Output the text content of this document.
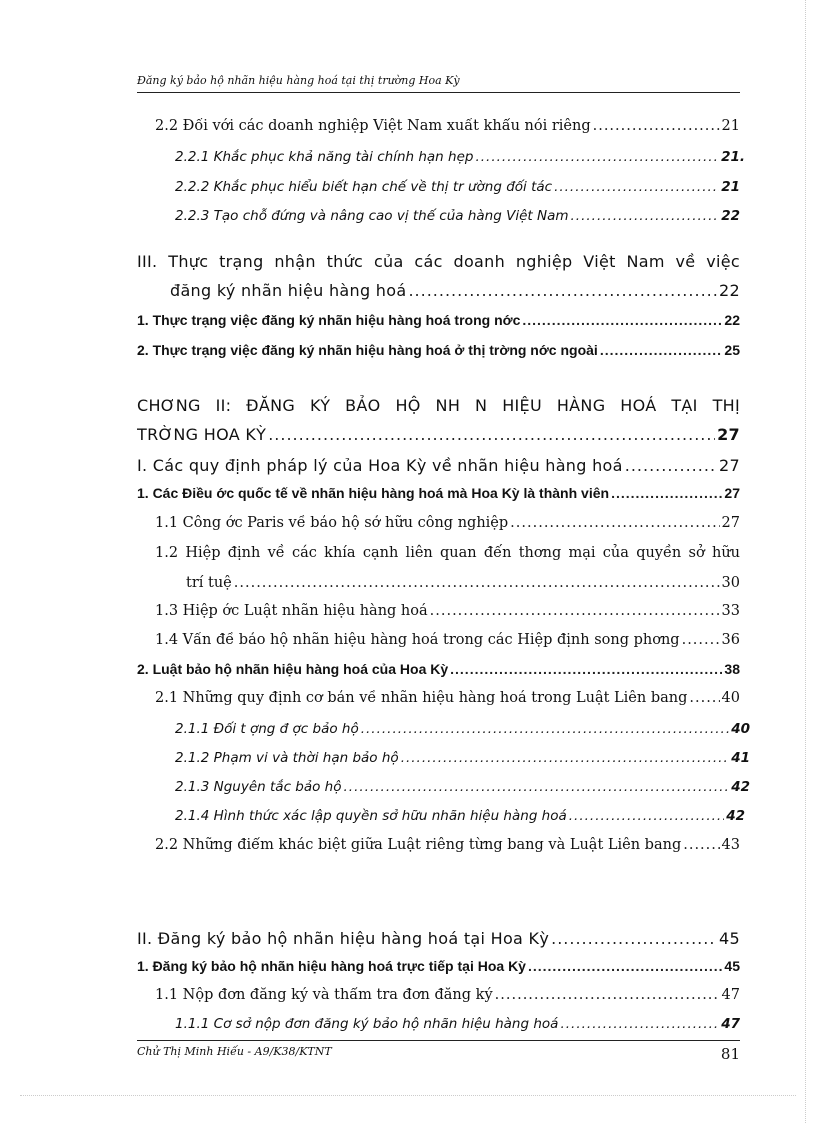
Đăng ký bảo hộ nhãn hiệu hàng hoá tại thị trường Hoa Kỳ
2.2 Đối với các doanh nghiệp Việt Nam xuất khẩu nói riêng .....	21
2.2.1 Khắc phục khả năng tài chính hạn hẹp .....	21.
2.2.2 Khắc phục hiểu biết hạn chế về thị tr ường đối tác .....	21
2.2.3 Tạo chỗ đứng và nâng cao vị thế của hàng Việt Nam .....	22
III. Thực trạng nhận thức của các doanh nghiệp Việt Nam về việc
đăng ký nhãn hiệu hàng hoá .....	22
1. Thực trạng việc đăng ký nhãn hiệu hàng hoá trong nớc .....	22
2. Thực trạng việc đăng ký nhãn hiệu hàng hoá ở thị trờng nớc ngoài .....	25
CHƠNG II: ĐĂNG KÝ BẢO HỘ NH N HIỆU HÀNG HOÁ TẠI THỊ
TRỜNG HOA KỲ .....	27
I. Các quy định pháp lý của Hoa Kỳ về nhãn hiệu hàng hoá .....	27
1. Các Điều ớc quốc tế về nhãn hiệu hàng hoá mà Hoa Kỳ là thành viên .....	27
1.1 Công ớc Paris về bảo hộ sở hữu công nghiệp .....	27
1.2 Hiệp định về các khía cạnh liên quan đến thơng mại của quyền sở hữu
trí tuệ .....	30
1.3 Hiệp ớc Luật nhãn hiệu hàng hoá .....	33
1.4 Vấn đề bảo hộ nhãn hiệu hàng hoá trong các Hiệp định song phơng .....	36
2. Luật bảo hộ nhãn hiệu hàng hoá của Hoa Kỳ .....	38
2.1 Những quy định cơ bản về nhãn hiệu hàng hoá trong Luật Liên bang ..... 40
2.1.1 Đối t ợng đ ợc bảo hộ .....	40
2.1.2 Phạm vi và thời hạn bảo hộ .....	41
2.1.3 Nguyên tắc bảo hộ .....	42
2.1.4 Hình thức xác lập quyền sở hữu nhãn hiệu hàng hoá .....	42
2.2 Những điểm khác biệt giữa Luật riêng từng bang và Luật Liên bang .....	43
II. Đăng ký bảo hộ nhãn hiệu hàng hoá tại Hoa Kỳ .....	45
1. Đăng ký bảo hộ nhãn hiệu hàng hoá trực tiếp tại Hoa Kỳ .....	45
1.1 Nộp đơn đăng ký và thẩm tra đơn đăng ký .....	47
1.1.1 Cơ sở nộp đơn đăng ký bảo hộ nhãn hiệu hàng hoá .....	47
Chử Thị Minh Hiếu - A9/K38/KTNT	81
